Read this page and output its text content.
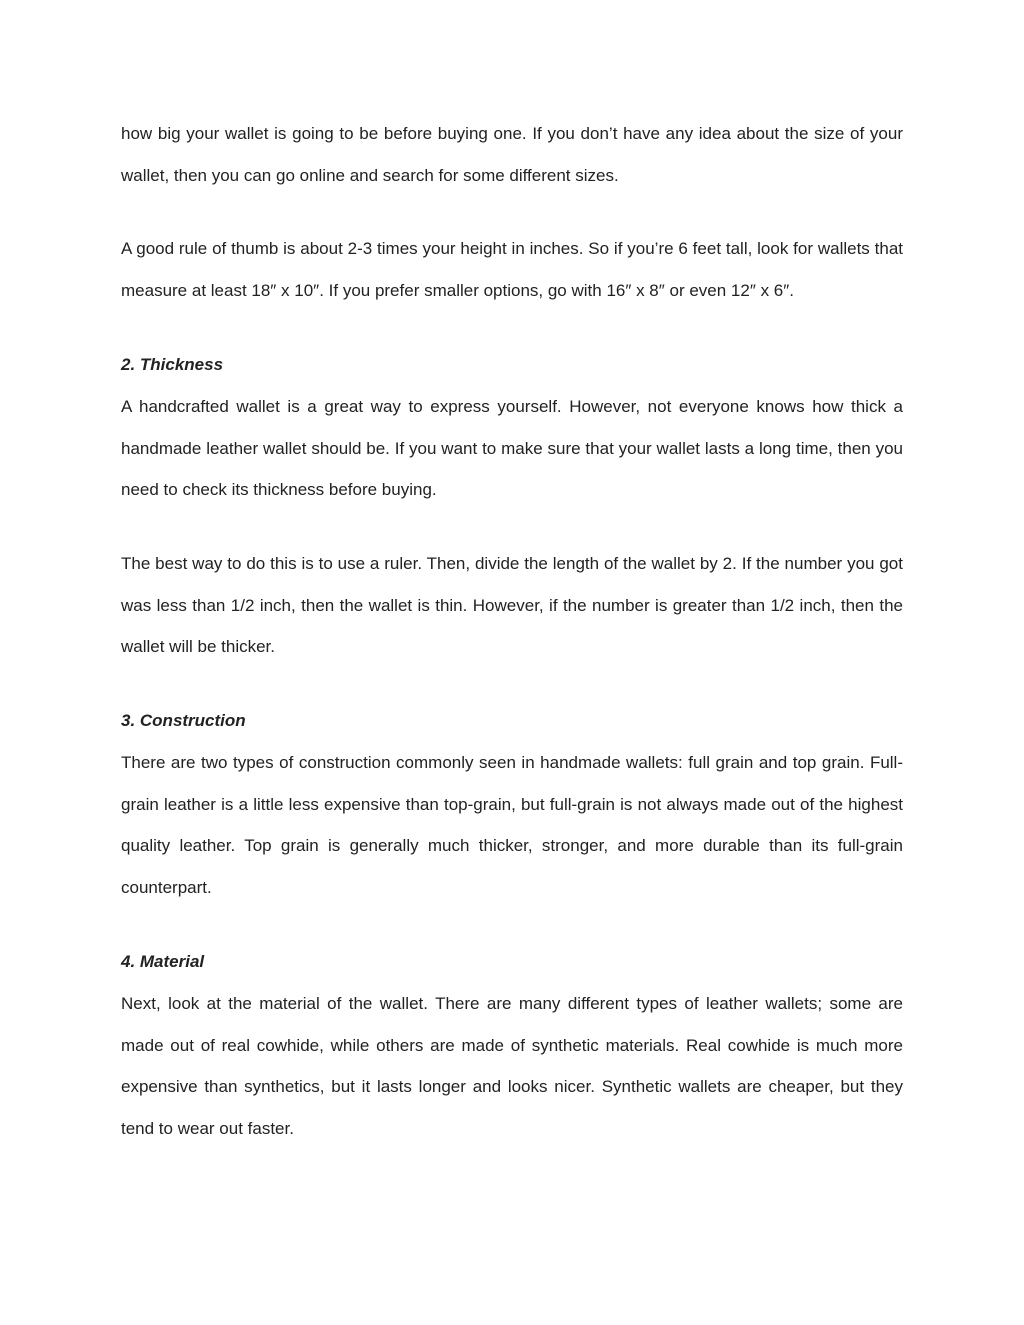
how big your wallet is going to be before buying one. If you don’t have any idea about the size of your wallet, then you can go online and search for some different sizes.

A good rule of thumb is about 2-3 times your height in inches. So if you’re 6 feet tall, look for wallets that measure at least 18″ x 10″. If you prefer smaller options, go with 16″ x 8″ or even 12″ x 6″.

2. Thickness

A handcrafted wallet is a great way to express yourself. However, not everyone knows how thick a handmade leather wallet should be. If you want to make sure that your wallet lasts a long time, then you need to check its thickness before buying.

The best way to do this is to use a ruler. Then, divide the length of the wallet by 2. If the number you got was less than 1/2 inch, then the wallet is thin. However, if the number is greater than 1/2 inch, then the wallet will be thicker.

3. Construction

There are two types of construction commonly seen in handmade wallets: full grain and top grain. Full-grain leather is a little less expensive than top-grain, but full-grain is not always made out of the highest quality leather. Top grain is generally much thicker, stronger, and more durable than its full-grain counterpart.

4. Material

Next, look at the material of the wallet. There are many different types of leather wallets; some are made out of real cowhide, while others are made of synthetic materials. Real cowhide is much more expensive than synthetics, but it lasts longer and looks nicer. Synthetic wallets are cheaper, but they tend to wear out faster.
